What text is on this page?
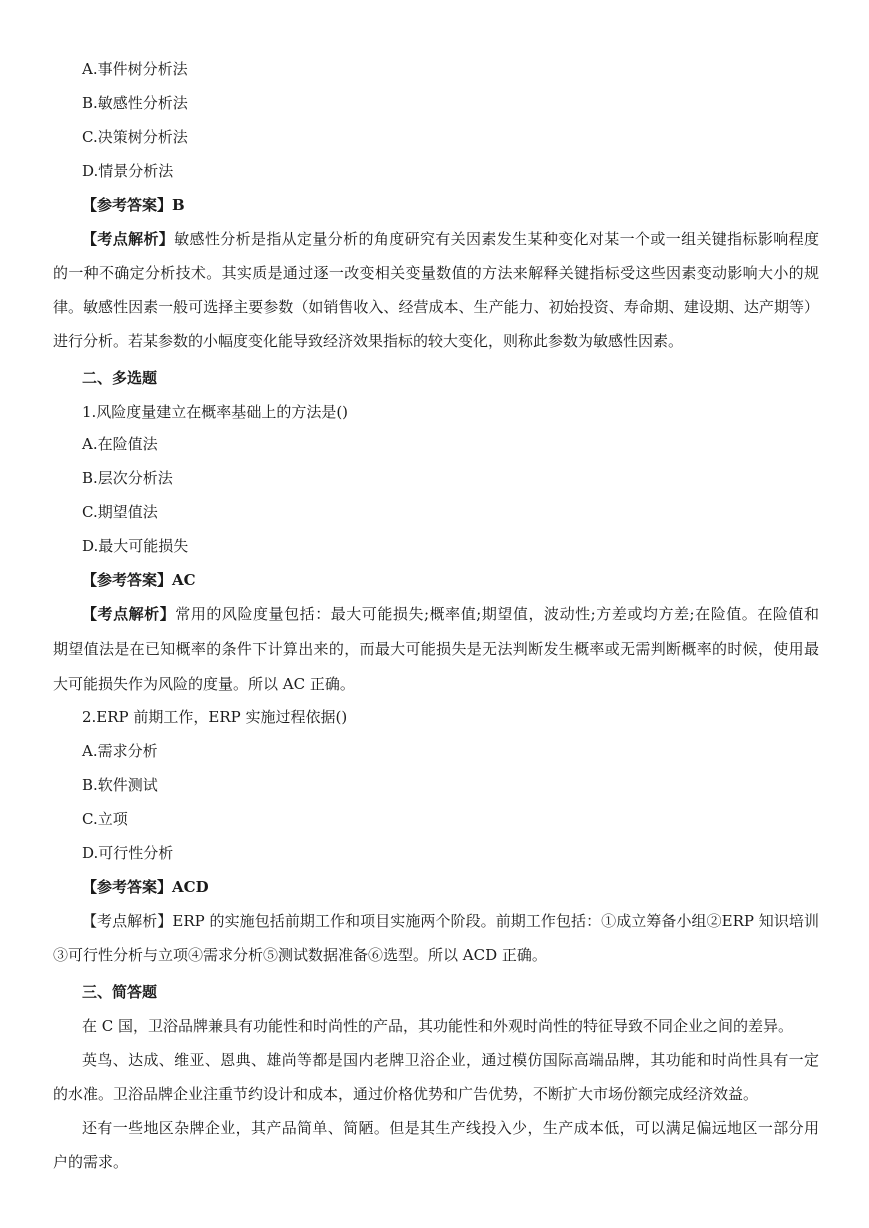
A.事件树分析法
B.敏感性分析法
C.决策树分析法
D.情景分析法
【参考答案】B
【考点解析】敏感性分析是指从定量分析的角度研究有关因素发生某种变化对某一个或一组关键指标影响程度
的一种不确定分析技术。其实质是通过逐一改变相关变量数值的方法来解释关键指标受这些因素变动影响大小的规
律。敏感性因素一般可选择主要参数（如销售收入、经营成本、生产能力、初始投资、寿命期、建设期、达产期等）
进行分析。若某参数的小幅度变化能导致经济效果指标的较大变化，则称此参数为敏感性因素。
二、多选题
1.风险度量建立在概率基础上的方法是()
A.在险值法
B.层次分析法
C.期望值法
D.最大可能损失
【参考答案】AC
【考点解析】常用的风险度量包括：最大可能损失;概率值;期望值，波动性;方差或均方差;在险值。在险值和
期望值法是在已知概率的条件下计算出来的，而最大可能损失是无法判断发生概率或无需判断概率的时候，使用最
大可能损失作为风险的度量。所以 AC 正确。
2.ERP 前期工作，ERP 实施过程依据()
A.需求分析
B.软件测试
C.立项
D.可行性分析
【参考答案】ACD
【考点解析】ERP 的实施包括前期工作和项目实施两个阶段。前期工作包括：①成立筹备小组②ERP 知识培训
③可行性分析与立项④需求分析⑤测试数据准备⑥选型。所以 ACD 正确。
三、简答题
在 C 国，卫浴品牌兼具有功能性和时尚性的产品，其功能性和外观时尚性的特征导致不同企业之间的差异。
英鸟、达成、维亚、恩典、雄尚等都是国内老牌卫浴企业，通过模仿国际高端品牌，其功能和时尚性具有一定
的水准。卫浴品牌企业注重节约设计和成本，通过价格优势和广告优势，不断扩大市场份额完成经济效益。
还有一些地区杂牌企业，其产品简单、简陋。但是其生产线投入少，生产成本低，可以满足偏远地区一部分用
户的需求。
